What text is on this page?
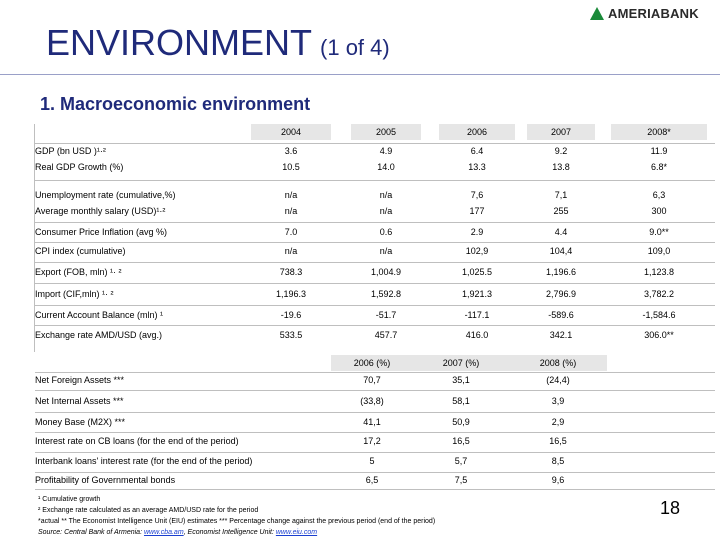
AMERIABANK
ENVIRONMENT (1 of 4)
1. Macroeconomic environment
2004	2005	2006	2007	2008*
GDP (bn USD )¹·²	3.6	4.9	6.4	9.2	11.9
Real GDP Growth (%)	10.5	14.0	13.3	13.8	6.8*
Unemployment rate (cumulative,%)	n/a	n/a	7,6	7,1	6,3
Average monthly salary (USD)¹·²	n/a	n/a	177	255	300
Consumer Price Inflation (avg %)	7.0	0.6	2.9	4.4	9.0**
CPI index (cumulative)	n/a	n/a	102,9	104,4	109,0
Export (FOB, mln) ¹· ²	738.3	1,004.9	1,025.5	1,196.6	1,123.8
Import (CIF,mln) ¹· ²	1,196.3	1,592.8	1,921.3	2,796.9	3,782.2
Current Account Balance (mln) ¹	-19.6	-51.7	-117.1	-589.6	-1,584.6
Exchange rate AMD/USD (avg.)	533.5	457.7	416.0	342.1	306.0**
2006 (%)	2007 (%)	2008 (%)
Net Foreign Assets ***	70,7	35,1	(24,4)
Net Internal Assets ***	(33,8)	58,1	3,9
Money Base (M2X) ***	41,1	50,9	2,9
Interest rate on CB loans (for the end of the period)	17,2	16,5	16,5
Interbank loans' interest rate (for the end of the period)	5	5,7	8,5
Profitability of Governmental bonds	6,5	7,5	9,6
¹ Cumulative growth
² Exchange rate calculated as an average AMD/USD rate for the period
*actual ** The Economist Intelligence Unit (EIU) estimates *** Percentage change against the previous period (end of the period)
Source: Central Bank of Armenia: www.cba.am, Economist Intelligence Unit: www.eiu.com
18
